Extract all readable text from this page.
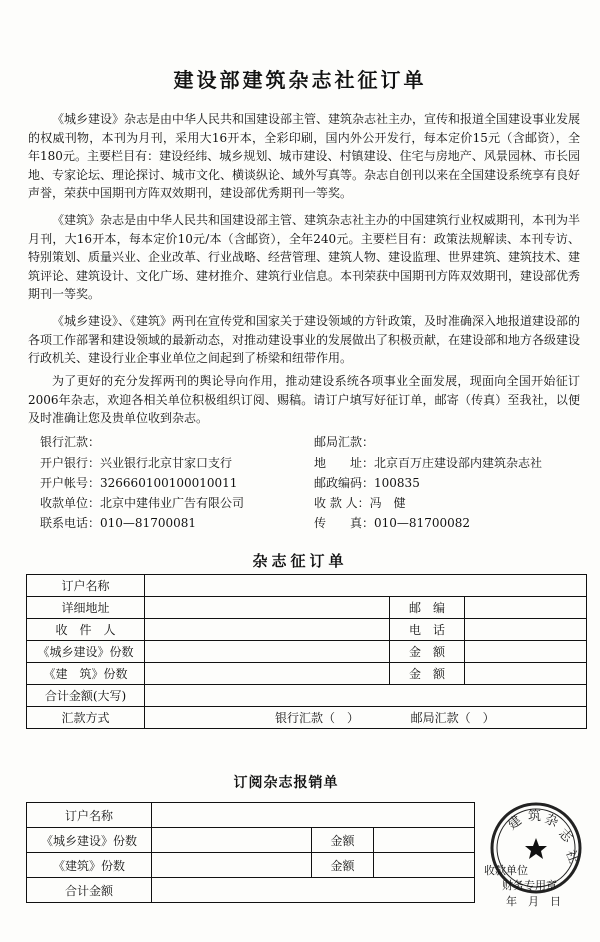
建设部建筑杂志社征订单

《城乡建设》杂志是由中华人民共和国建设部主管、建筑杂志社主办，宣传和报道全国建设事业发展的权威刊物，本刊为月刊，采用大16开本，全彩印刷，国内外公开发行，每本定价15元（含邮资），全年180元。主要栏目有：建设经纬、城乡规划、城市建设、村镇建设、住宅与房地产、风景园林、市长园地、专家论坛、理论探讨、城市文化、横谈纵论、域外写真等。杂志自创刊以来在全国建设系统享有良好声誉，荣获中国期刊方阵双效期刊，建设部优秀期刊一等奖。

《建筑》杂志是由中华人民共和国建设部主管、建筑杂志社主办的中国建筑行业权威期刊，本刊为半月刊，大16开本，每本定价10元/本（含邮资），全年240元。主要栏目有：政策法规解读、本刊专访、特别策划、质量兴业、企业改革、行业战略、经营管理、建筑人物、建设监理、世界建筑、建筑技术、建筑评论、建筑设计、文化广场、建材推介、建筑行业信息。本刊荣获中国期刊方阵双效期刊，建设部优秀期刊一等奖。

《城乡建设》、《建筑》两刊在宣传党和国家关于建设领域的方针政策，及时准确深入地报道建设部的各项工作部署和建设领域的最新动态，对推动建设事业的发展做出了积极贡献，在建设部和地方各级建设行政机关、建设行业企事业单位之间起到了桥梁和纽带作用。

为了更好的充分发挥两刊的舆论导向作用，推动建设系统各项事业全面发展，现面向全国开始征订2006年杂志，欢迎各相关单位积极组织订阅、赐稿。请订户填写好征订单，邮寄（传真）至我社，以便及时准确让您及贵单位收到杂志。

银行汇款：
开户银行：兴业银行北京甘家口支行
开户帐号：326660100100010011
收款单位：北京中建伟业广告有限公司
联系电话：010—81700081
邮局汇款：
地　　址：北京百万庄建设部内建筑杂志社
邮政编码：100835
收 款 人：冯　健
传　　真：010—81700082
杂志征订单
订户名称			
详细地址		邮　编	
收　件　人		电　话	
《城乡建设》份数		金　额	
《建　筑》份数		金　额	
合计金额(大写)			
汇款方式	银行汇款（　） 邮局汇款（　）		
订阅杂志报销单
订户名称			
《城乡建设》份数		金额	
《建筑》份数		金额	
合计金额			
建 筑 杂
志
社
收款单位
财务专用章
年　月　日
